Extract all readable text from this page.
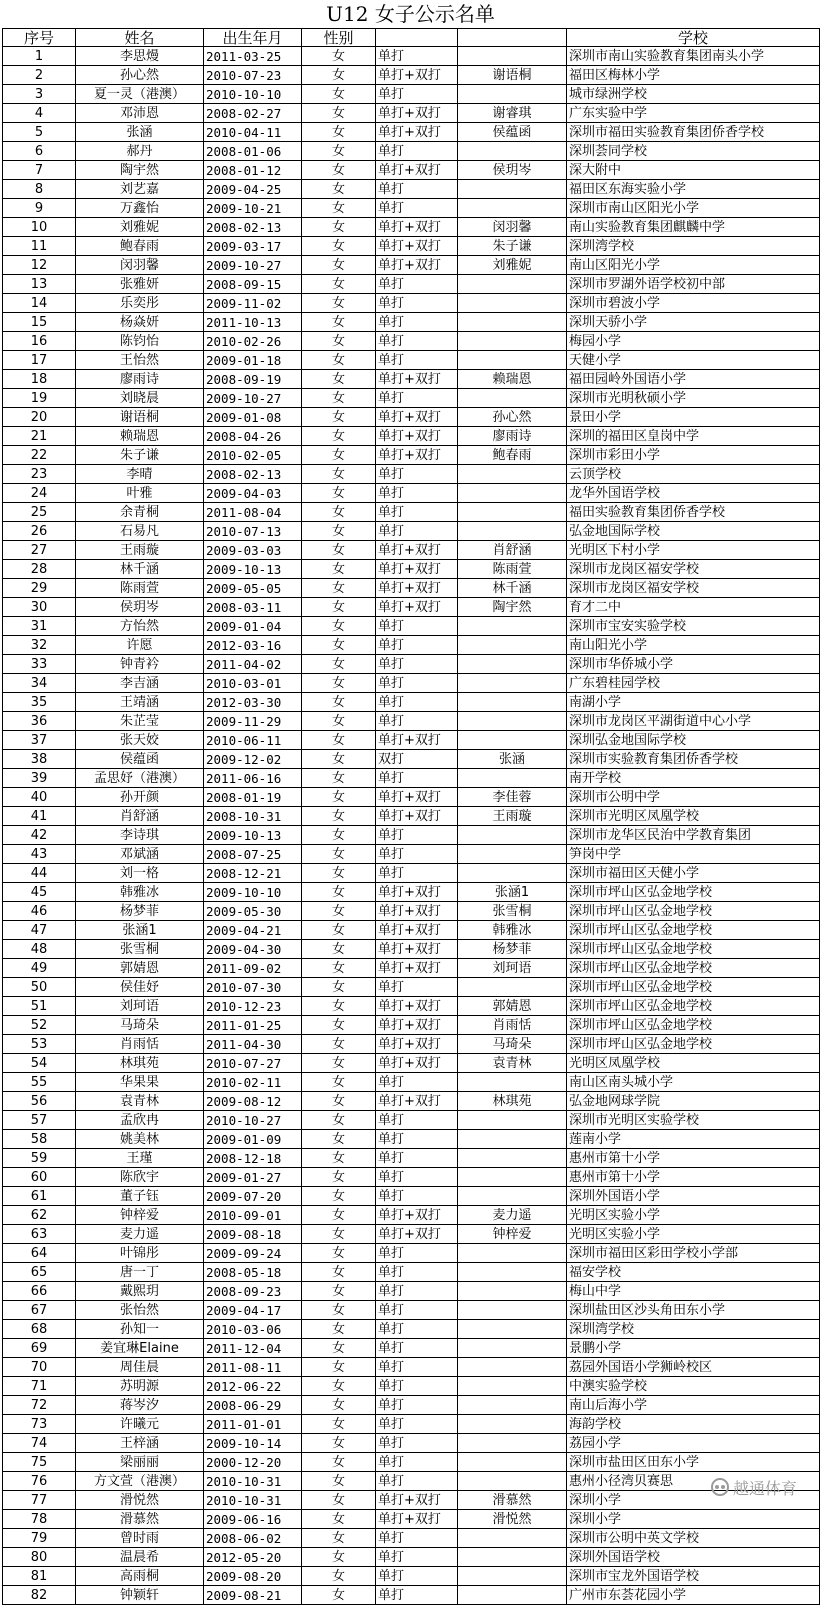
U12 女子公示名单
序号	姓名	出生年月	性别			学校
1	李思熳	2011-03-25	女	单打		深圳市南山实验教育集团南头小学
2	孙心然	2010-07-23	女	单打+双打	谢语桐	福田区梅林小学
3	夏一灵（港澳）	2010-10-10	女	单打		城市绿洲学校
4	邓沛恩	2008-02-27	女	单打+双打	谢睿琪	广东实验中学
5	张涵	2010-04-11	女	单打+双打	侯蕴函	深圳市福田实验教育集团侨香学校
6	郝丹	2008-01-06	女	单打		深圳荟同学校
7	陶宇然	2008-01-12	女	单打+双打	侯玥岑	深大附中
8	刘艺嘉	2009-04-25	女	单打		福田区东海实验小学
9	万鑫怡	2009-10-21	女	单打		深圳市南山区阳光小学
10	刘雅妮	2008-02-13	女	单打+双打	闵羽馨	南山实验教育集团麒麟中学
11	鲍春雨	2009-03-17	女	单打+双打	朱子谦	深圳湾学校
12	闵羽馨	2009-10-27	女	单打+双打	刘雅妮	南山区阳光小学
13	张雅妍	2008-09-15	女	单打		深圳市罗湖外语学校初中部
14	乐奕彤	2009-11-02	女	单打		深圳市碧波小学
15	杨焱妍	2011-10-13	女	单打		深圳天骄小学
16	陈钧怡	2010-02-26	女	单打		梅园小学
17	王怡然	2009-01-18	女	单打		天健小学
18	廖雨诗	2008-09-19	女	单打+双打	赖瑞恩	福田园岭外国语小学
19	刘晓晨	2009-10-27	女	单打		深圳市光明秋硕小学
20	谢语桐	2009-01-08	女	单打+双打	孙心然	景田小学
21	赖瑞恩	2008-04-26	女	单打+双打	廖雨诗	深圳的福田区皇岗中学
22	朱子谦	2010-02-05	女	单打+双打	鲍春雨	深圳市彩田小学
23	李晴	2008-02-13	女	单打		云顶学校
24	叶雅	2009-04-03	女	单打		龙华外国语学校
25	余青桐	2011-08-04	女	单打		福田实验教育集团侨香学校
26	石易凡	2010-07-13	女	单打		弘金地国际学校
27	王雨璇	2009-03-03	女	单打+双打	肖舒涵	光明区下村小学
28	林千涵	2009-10-13	女	单打+双打	陈雨萱	深圳市龙岗区福安学校
29	陈雨萱	2009-05-05	女	单打+双打	林千涵	深圳市龙岗区福安学校
30	侯玥岑	2008-03-11	女	单打+双打	陶宇然	育才二中
31	方怡然	2009-01-04	女	单打		深圳市宝安实验学校
32	许愿	2012-03-16	女	单打		南山阳光小学
33	钟青衿	2011-04-02	女	单打		深圳市华侨城小学
34	李吉涵	2010-03-01	女	单打		广东碧桂园学校
35	王靖涵	2012-03-30	女	单打		南湖小学
36	朱芷莹	2009-11-29	女	单打		深圳市龙岗区平湖街道中心小学
37	张天姣	2010-06-11	女	单打+双打		深圳弘金地国际学校
38	侯蕴函	2009-12-02	女	双打	张涵	深圳市实验教育集团侨香学校
39	孟思妤（港澳）	2011-06-16	女	单打		南开学校
40	孙开颜	2008-01-19	女	单打+双打	李佳蓉	深圳市公明中学
41	肖舒涵	2008-10-31	女	单打+双打	王雨璇	深圳市光明区凤凰学校
42	李诗琪	2009-10-13	女	单打		深圳市龙华区民治中学教育集团
43	邓斌涵	2008-07-25	女	单打		笋岗中学
44	刘一格	2008-12-21	女	单打		深圳市福田区天健小学
45	韩雅冰	2009-10-10	女	单打+双打	张涵1	深圳市坪山区弘金地学校
46	杨梦菲	2009-05-30	女	单打+双打	张雪桐	深圳市坪山区弘金地学校
47	张涵1	2009-04-21	女	单打+双打	韩雅冰	深圳市坪山区弘金地学校
48	张雪桐	2009-04-30	女	单打+双打	杨梦菲	深圳市坪山区弘金地学校
49	郭婧恩	2011-09-02	女	单打+双打	刘珂语	深圳市坪山区弘金地学校
50	侯佳妤	2010-07-30	女	单打		深圳市坪山区弘金地学校
51	刘珂语	2010-12-23	女	单打+双打	郭婧恩	深圳市坪山区弘金地学校
52	马琦朵	2011-01-25	女	单打+双打	肖雨恬	深圳市坪山区弘金地学校
53	肖雨恬	2011-04-30	女	单打+双打	马琦朵	深圳市坪山区弘金地学校
54	林琪苑	2010-07-27	女	单打+双打	袁青林	光明区凤凰学校
55	华果果	2010-02-11	女	单打		南山区南头城小学
56	袁青林	2009-08-12	女	单打+双打	林琪苑	弘金地网球学院
57	孟欣冉	2010-10-27	女	单打		深圳市光明区实验学校
58	姚美林	2009-01-09	女	单打		莲南小学
59	王瑾	2008-12-18	女	单打		惠州市第十小学
60	陈欣宇	2009-01-27	女	单打		惠州市第十小学
61	董子钰	2009-07-20	女	单打		深圳外国语小学
62	钟梓爱	2010-09-01	女	单打+双打	麦力遥	光明区实验小学
63	麦力遥	2009-08-18	女	单打+双打	钟梓爱	光明区实验小学
64	叶锦彤	2009-09-24	女	单打		深圳市福田区彩田学校小学部
65	唐一丁	2008-05-18	女	单打		福安学校
66	戴熙玥	2008-09-23	女	单打		梅山中学
67	张怡然	2009-04-17	女	单打		深圳盐田区沙头角田东小学
68	孙知一	2010-03-06	女	单打		深圳湾学校
69	姜宜琳Elaine	2011-12-04	女	单打		景鹏小学
70	周佳晨	2011-08-11	女	单打		荔园外国语小学狮岭校区
71	苏明源	2012-06-22	女	单打		中澳实验学校
72	蒋岑汐	2008-06-29	女	单打		南山后海小学
73	许曦元	2011-01-01	女	单打		海韵学校
74	王梓涵	2009-10-14	女	单打		荔园小学
75	梁丽丽	2000-12-20	女	单打		深圳市盐田区田东小学
76	方文萱（港澳）	2010-10-31	女	单打		惠州小径湾贝赛思
77	滑悦然	2010-10-31	女	单打+双打	滑慕然	深圳小学
78	滑慕然	2009-06-16	女	单打+双打	滑悦然	深圳小学
79	曾时雨	2008-06-02	女	单打		深圳市公明中英文学校
80	温晨希	2012-05-20	女	单打		深圳外国语学校
81	高雨桐	2009-08-20	女	单打		深圳市宝龙外国语学校
82	钟颖轩	2009-08-21	女	单打		广州市东荟花园小学
越通体育
